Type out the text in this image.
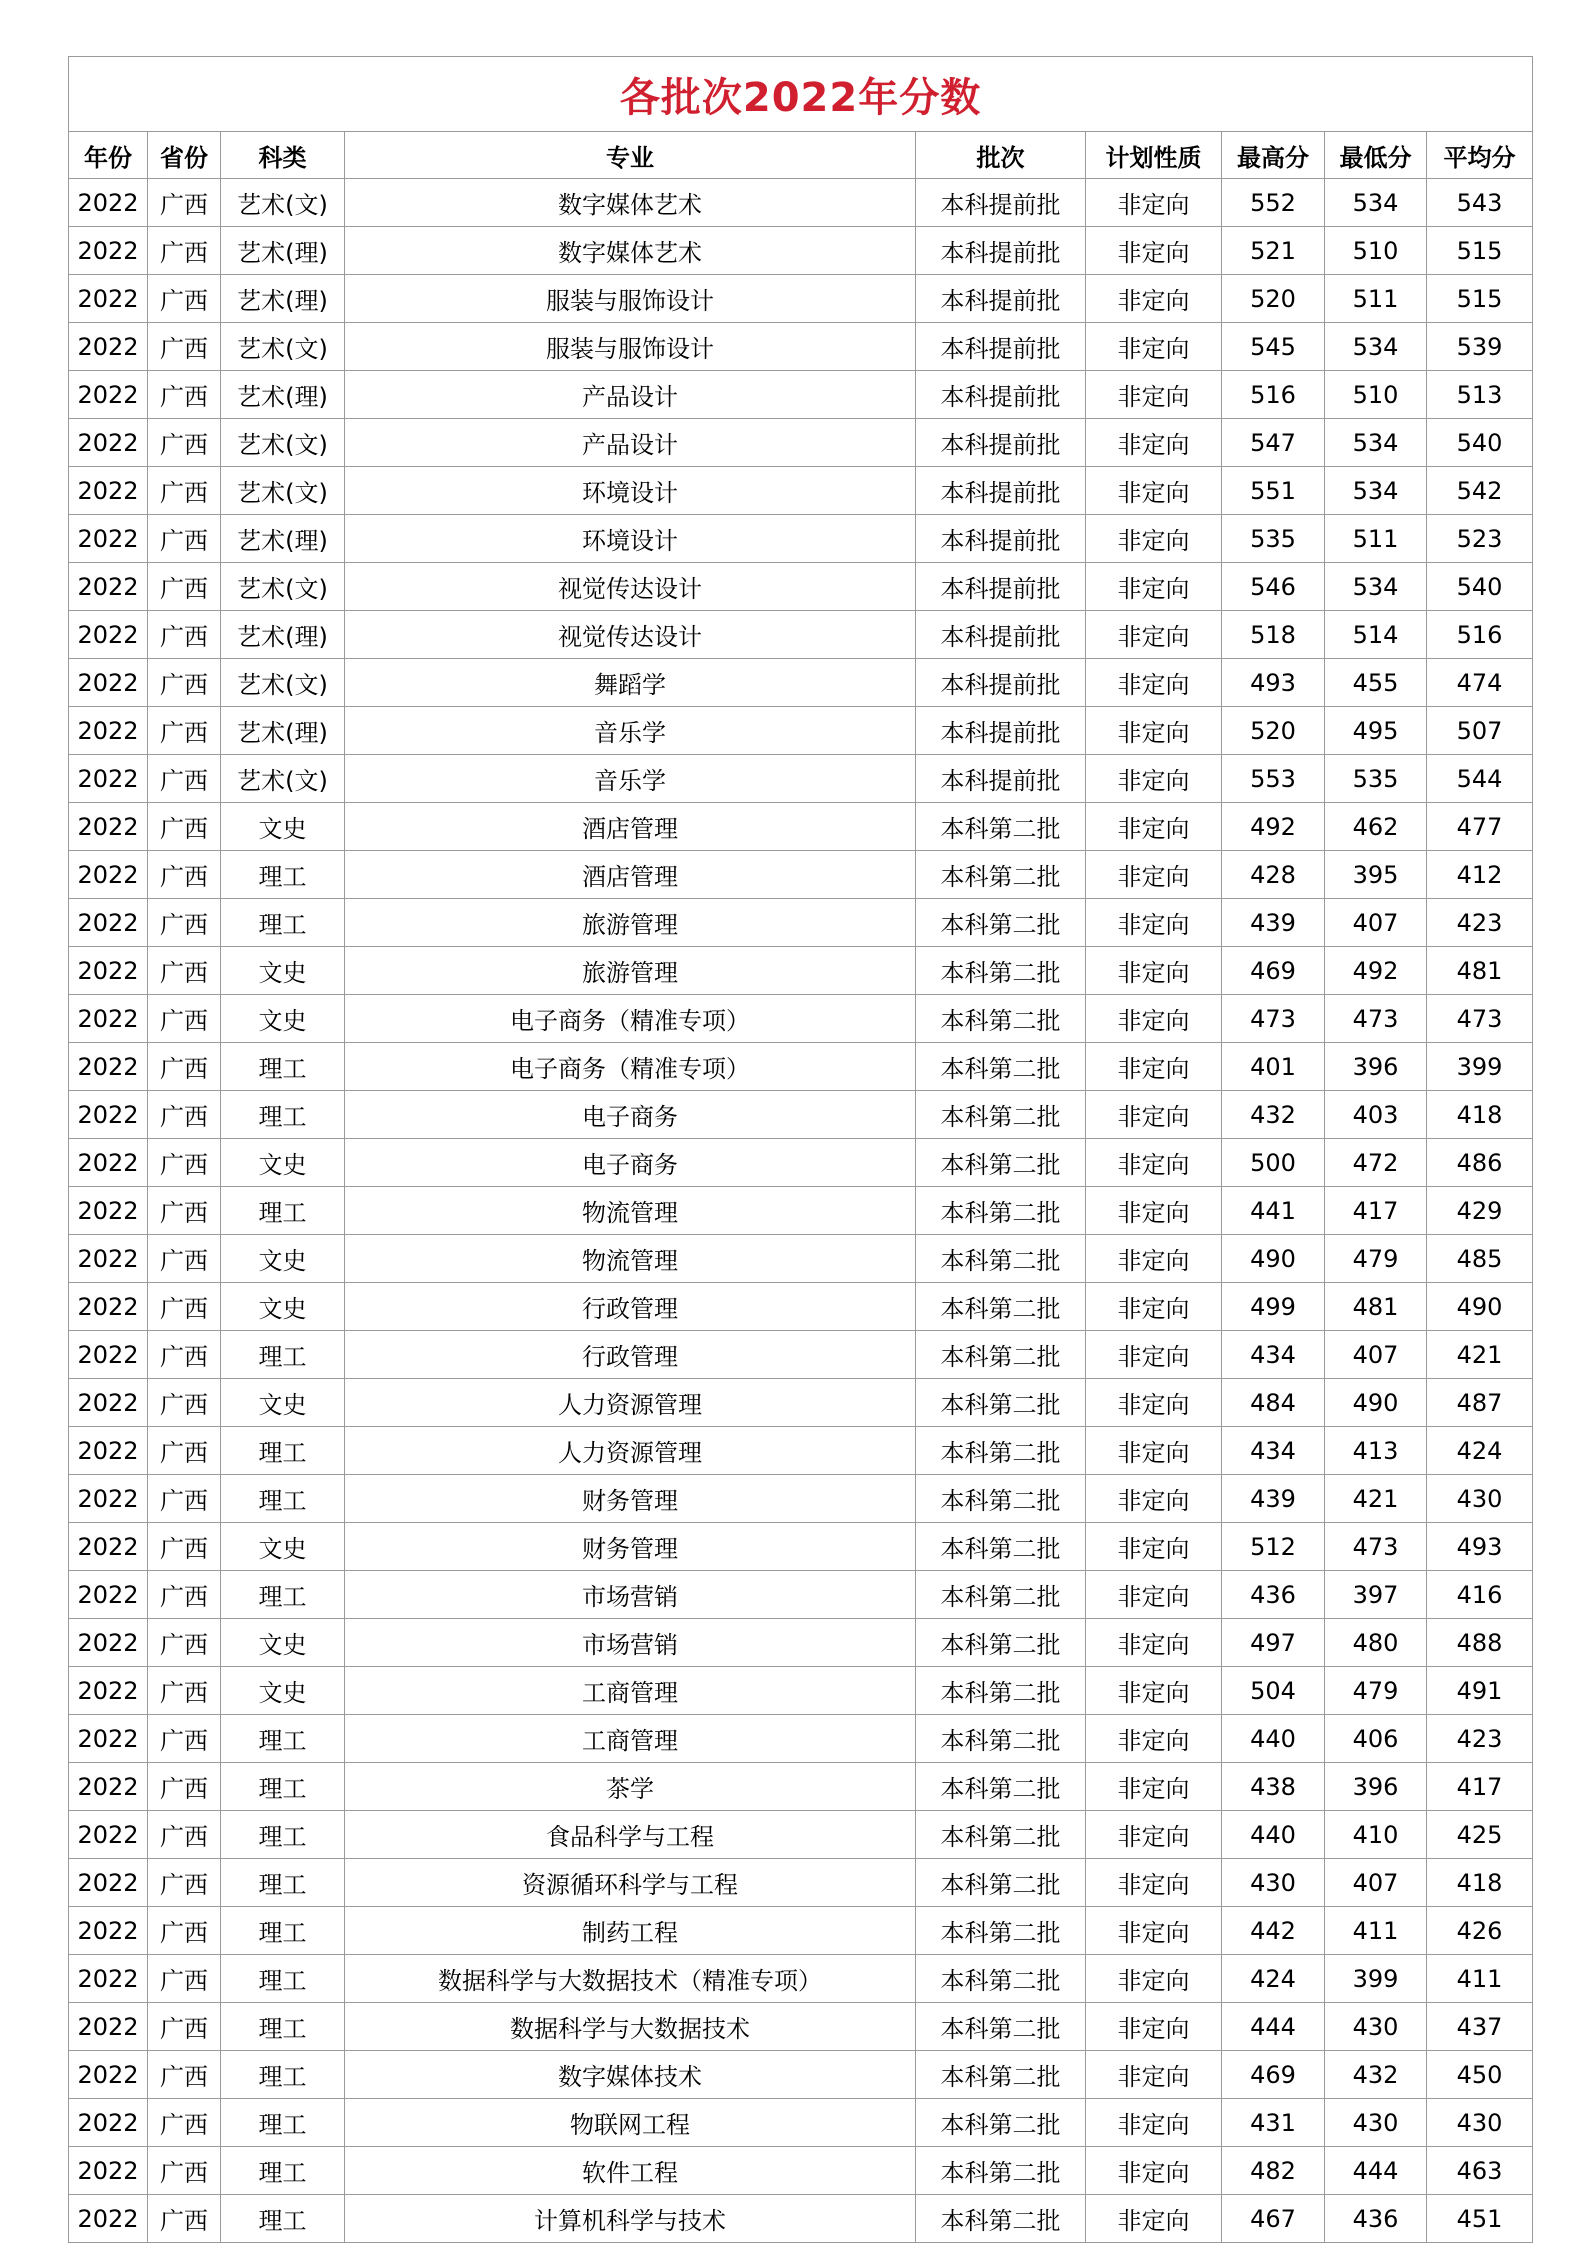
各批次2022年分数								
年份	省份	科类	专业	批次	计划性质	最高分	最低分	平均分
2022	广西	艺术(文)	数字媒体艺术	本科提前批	非定向	552	534	543
2022	广西	艺术(理)	数字媒体艺术	本科提前批	非定向	521	510	515
2022	广西	艺术(理)	服装与服饰设计	本科提前批	非定向	520	511	515
2022	广西	艺术(文)	服装与服饰设计	本科提前批	非定向	545	534	539
2022	广西	艺术(理)	产品设计	本科提前批	非定向	516	510	513
2022	广西	艺术(文)	产品设计	本科提前批	非定向	547	534	540
2022	广西	艺术(文)	环境设计	本科提前批	非定向	551	534	542
2022	广西	艺术(理)	环境设计	本科提前批	非定向	535	511	523
2022	广西	艺术(文)	视觉传达设计	本科提前批	非定向	546	534	540
2022	广西	艺术(理)	视觉传达设计	本科提前批	非定向	518	514	516
2022	广西	艺术(文)	舞蹈学	本科提前批	非定向	493	455	474
2022	广西	艺术(理)	音乐学	本科提前批	非定向	520	495	507
2022	广西	艺术(文)	音乐学	本科提前批	非定向	553	535	544
2022	广西	文史	酒店管理	本科第二批	非定向	492	462	477
2022	广西	理工	酒店管理	本科第二批	非定向	428	395	412
2022	广西	理工	旅游管理	本科第二批	非定向	439	407	423
2022	广西	文史	旅游管理	本科第二批	非定向	469	492	481
2022	广西	文史	电子商务（精准专项）	本科第二批	非定向	473	473	473
2022	广西	理工	电子商务（精准专项）	本科第二批	非定向	401	396	399
2022	广西	理工	电子商务	本科第二批	非定向	432	403	418
2022	广西	文史	电子商务	本科第二批	非定向	500	472	486
2022	广西	理工	物流管理	本科第二批	非定向	441	417	429
2022	广西	文史	物流管理	本科第二批	非定向	490	479	485
2022	广西	文史	行政管理	本科第二批	非定向	499	481	490
2022	广西	理工	行政管理	本科第二批	非定向	434	407	421
2022	广西	文史	人力资源管理	本科第二批	非定向	484	490	487
2022	广西	理工	人力资源管理	本科第二批	非定向	434	413	424
2022	广西	理工	财务管理	本科第二批	非定向	439	421	430
2022	广西	文史	财务管理	本科第二批	非定向	512	473	493
2022	广西	理工	市场营销	本科第二批	非定向	436	397	416
2022	广西	文史	市场营销	本科第二批	非定向	497	480	488
2022	广西	文史	工商管理	本科第二批	非定向	504	479	491
2022	广西	理工	工商管理	本科第二批	非定向	440	406	423
2022	广西	理工	茶学	本科第二批	非定向	438	396	417
2022	广西	理工	食品科学与工程	本科第二批	非定向	440	410	425
2022	广西	理工	资源循环科学与工程	本科第二批	非定向	430	407	418
2022	广西	理工	制药工程	本科第二批	非定向	442	411	426
2022	广西	理工	数据科学与大数据技术（精准专项）	本科第二批	非定向	424	399	411
2022	广西	理工	数据科学与大数据技术	本科第二批	非定向	444	430	437
2022	广西	理工	数字媒体技术	本科第二批	非定向	469	432	450
2022	广西	理工	物联网工程	本科第二批	非定向	431	430	430
2022	广西	理工	软件工程	本科第二批	非定向	482	444	463
2022	广西	理工	计算机科学与技术	本科第二批	非定向	467	436	451
